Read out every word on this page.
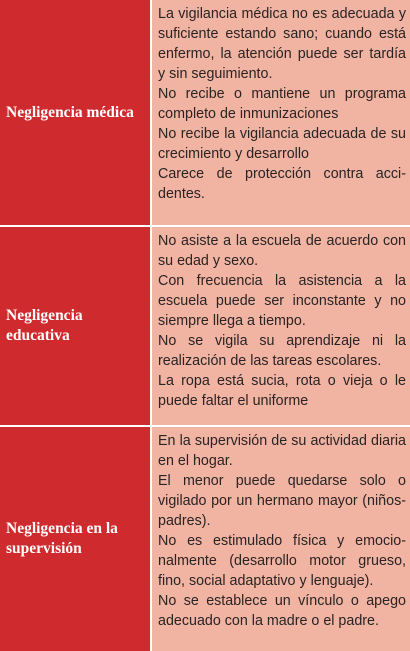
Negligencia médica

La vigilancia médica no es adecuada y suficiente estando sano; cuando está enfermo, la atención puede ser tardía y sin seguimiento.

No recibe o mantiene un programa completo de inmunizaciones

No recibe la vigilancia adecuada de su crecimiento y desarrollo

Carece de protección contra acci-dentes.

Negligencia educativa

No asiste a la escuela de acuerdo con su edad y sexo.

Con frecuencia la asistencia a la escuela puede ser inconstante y no siempre llega a tiempo.

No se vigila su aprendizaje ni la realización de las tareas escolares.

La ropa está sucia, rota o vieja o le puede faltar el uniforme

Negligencia en la supervisión

En la supervisión de su actividad diaria en el hogar.

El menor puede quedarse solo o vigilado por un hermano mayor (niños-padres).

No es estimulado física y emocio-nalmente (desarrollo motor grueso, fino, social adaptativo y lenguaje).

No se establece un vínculo o apego adecuado con la madre o el padre.
